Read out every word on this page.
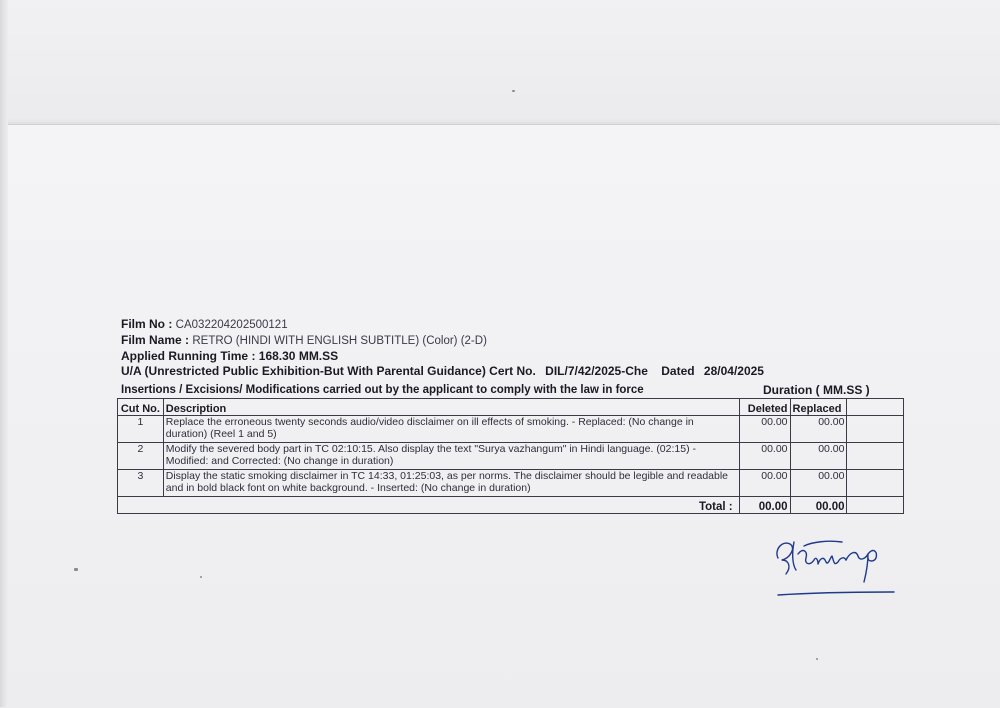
Film No : CA032204202500121
Film Name : RETRO (HINDI WITH ENGLISH SUBTITLE) (Color) (2-D)
Applied Running Time : 168.30 MM.SS
U/A (Unrestricted Public Exhibition-But With Parental Guidance) Cert No. DIL/7/42/2025-Che Dated 28/04/2025
Insertions / Excisions/ Modifications carried out by the applicant to comply with the law in force	Duration ( MM.SS )
Cut No.	Description	Deleted	Replaced	
1	Replace the erroneous twenty seconds audio/video disclaimer on ill effects of smoking. - Replaced: (No change in duration) (Reel 1 and 5)	00.00	00.00	
2	Modify the severed body part in TC 02:10:15. Also display the text "Surya vazhangum" in Hindi language. (02:15) - Modified: and Corrected: (No change in duration)	00.00	00.00	
3	Display the static smoking disclaimer in TC 14:33, 01:25:03, as per norms. The disclaimer should be legible and readable and in bold black font on white background. - Inserted: (No change in duration)	00.00	00.00	
Total :		00.00	00.00	
